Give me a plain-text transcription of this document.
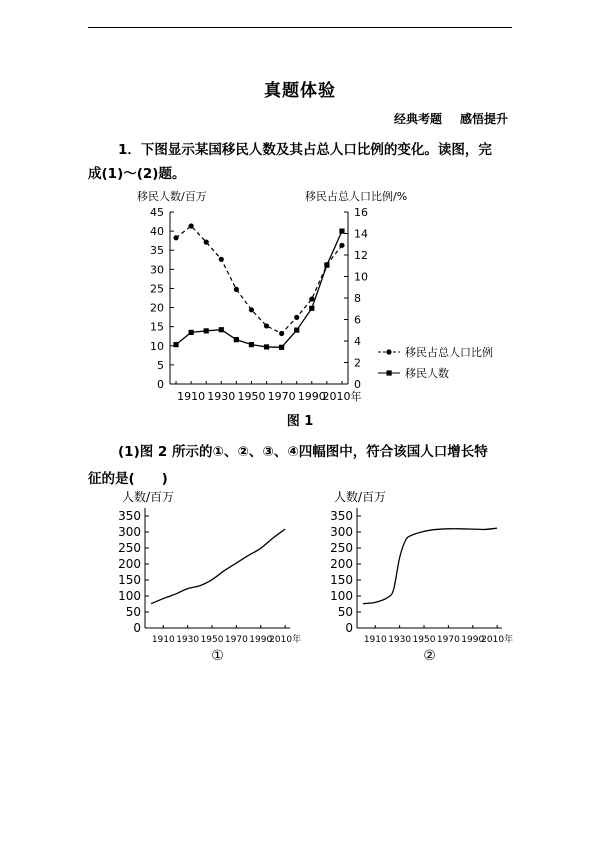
真题体验
经典考题 感悟提升
1．下图显示某国移民人数及其占总人口比例的变化。读图，完
成(1)～(2)题。
移民人数/百万	移民占总人口比例/%
0
5
10
15
20
25
30
35
40
45
0
2
4
6
8
10
12
14
16
1910 1930 1950 1970 1990
2010年
移民占总人口比例
移民人数
图 1
(1)图 2 所示的①、②、③、④四幅图中，符合该国人口增长特
征的是(　　)
人数/百万
0
50
100
150
200
250
300
350
1910 1930 1950 1970 1990
2010年
①
人数/百万
0
50
100
150
200
250
300
350
1910 1930 1950 1970 1990
2010年
②
